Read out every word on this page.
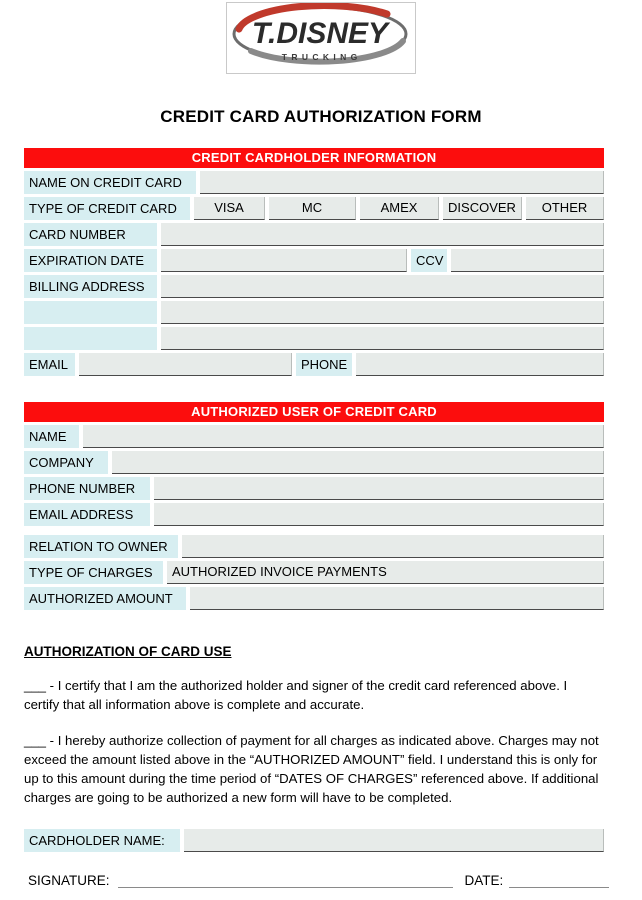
T.DISNEY
T R U C K I N G
CREDIT CARD AUTHORIZATION FORM
CREDIT CARDHOLDER INFORMATION
NAME ON CREDIT CARD
TYPE OF CREDIT CARD	VISA	MC	AMEX	DISCOVER	OTHER
CARD NUMBER
EXPIRATION DATE	CCV
BILLING ADDRESS
EMAIL	PHONE
AUTHORIZED USER OF CREDIT CARD
NAME
COMPANY
PHONE NUMBER
EMAIL ADDRESS
RELATION TO OWNER
TYPE OF CHARGES	AUTHORIZED INVOICE PAYMENTS
AUTHORIZED AMOUNT
AUTHORIZATION OF CARD USE
___ - I certify that I am the authorized holder and signer of the credit card referenced above. I certify that all information above is complete and accurate.
___ - I hereby authorize collection of payment for all charges as indicated above. Charges may not exceed the amount listed above in the “AUTHORIZED AMOUNT” field. I understand this is only for up to this amount during the time period of “DATES OF CHARGES” referenced above. If additional charges are going to be authorized a new form will have to be completed.
CARDHOLDER NAME:
SIGNATURE:	DATE:
